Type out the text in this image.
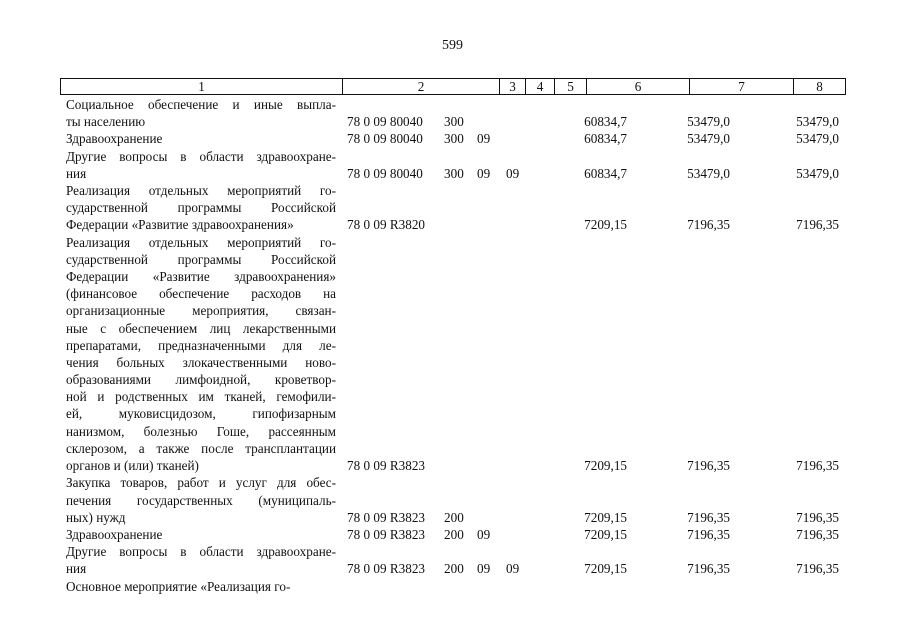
599
1	2	3	4	5	6	7	8
Социальное обеспечение и иные выпла-
ты населению	78 0 09 80040 300	60834,7	53479,0	53479,0
Здравоохранение	78 0 09 80040 300 09	60834,7	53479,0	53479,0
Другие вопросы в области здравоохране-
ния	78 0 09 80040 300 09 09	60834,7	53479,0	53479,0
Реализация отдельных мероприятий го-
сударственной программы Российской
Федерации «Развитие здравоохранения»	78 0 09 R3820	7209,15	7196,35	7196,35
Реализация отдельных мероприятий го-
сударственной программы Российской
Федерации «Развитие здравоохранения»
(финансовое обеспечение расходов на
организационные мероприятия, связан-
ные с обеспечением лиц лекарственными
препаратами, предназначенными для ле-
чения больных злокачественными ново-
образованиями лимфоидной, кроветвор-
ной и родственных им тканей, гемофили-
ей, муковисцидозом, гипофизарным
нанизмом, болезнью Гоше, рассеянным
склерозом, а также после трансплантации
органов и (или) тканей)	78 0 09 R3823	7209,15	7196,35	7196,35
Закупка товаров, работ и услуг для обес-
печения государственных (муниципаль-
ных) нужд	78 0 09 R3823 200	7209,15	7196,35	7196,35
Здравоохранение	78 0 09 R3823 200 09	7209,15	7196,35	7196,35
Другие вопросы в области здравоохране-
ния	78 0 09 R3823 200 09 09	7209,15	7196,35	7196,35
Основное мероприятие «Реализация го-
